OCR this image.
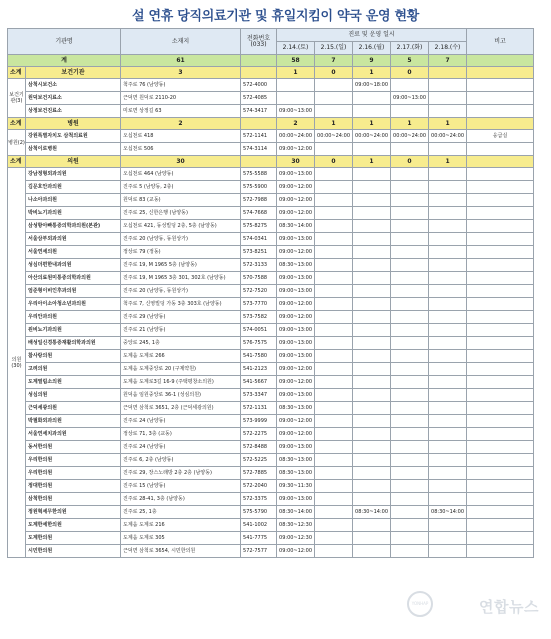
설 연휴 당직의료기관 및 휴일지킴이 약국 운영 현황
기관명		소재지	전화번호
(033)	진료 및 운영 일시					비고
				2.14.(토)	2.15.(일)	2.16.(월)	2.17.(화)	2.18.(수)	
계		61		58	7	9	5	7	
소계	보건기관	3		1	0	1	0		
보건기관(3)	삼척시보건소	척주로 76 (남양동)	572-4000			09:00~18:00			
	원덕보건지료소	근덕면 원덕로 2110-20	572-4085				09:00~13:00		
	상정보건진료소	미로면 상정길 63	574-3417	09:00~13:00					
소계	병원	2		2	1	1	1	1	
병원(2)	강원특별자치도 삼척의료원	오십천로 418	572-1141	00:00~24:00	00:00~24:00	00:00~24:00	00:00~24:00	00:00~24:00	응급실
	삼척이로병원	오십천로 506	574-3114	09:00~12:00					
소계	의원	30		30	0	1	0	1	
의원(30)	강남정형외과의원	오십천로 464 (남양동)	575-5588	09:00~13:00					
	김문호안과의원	진주로 5 (남양동, 2층)	575-5900	09:00~12:00					
	나소아과의원	원덕로 83 (교동)	572-7988	09:00~12:00					
	박비뇨기과의원	진주로 25, 신한은행 (남양동)	574-7668	09:00~12:00					
	삼성항아빠통증의학과의원(본관)	오십천로 421, 동성빌딩 2층, 5층 (남양동)	575-8275	08:30~14:00					
	서울삼부외과의원	진주로 20 (남양동, 동원상가)	574-0341	09:00~13:00					
	서울연세의원	정상로 79 (정동)	573-8251	09:00~12:00					
	성심더편한내과의원	진주로 19, M 1965 5층 (남양동)	572-3133	08:30~13:00					
	아산의료원미통증의학과의원	진주로 19, M 1965 3층 301, 302호 (남양동)	570-7588	09:00~13:00					
	엄준형이비인후과의원	진주로 20 (남양동, 동원상가)	572-7520	09:00~13:00					
	우리아이소아청소년과의원	척주로 7, 신영빌딩 가동 3층 303호 (남양동)	573-7770	09:00~12:00					
	우리안과의원	진주로 29 (남양동)	573-7582	09:00~12:00					
	윈비뇨기과의원	진주로 21 (남양동)	574-0051	09:00~13:00					
	배성일신경통증재활의학과의원	중앙로 245, 1층	576-7575	09:00~13:00					
	참사랑의원	도계읍 도계로 266	541-7580	09:00~13:00					
	고려의원	도계읍 도계중앙로 20 (구제약원)	541-2123	09:00~12:00					
	도계열림소의원	도계읍 도계로3길 16-9 (주택평창소의원)	541-5667	09:00~12:00					
	성심의원	원덕읍 임원중앙로 36-1 (성심의원)	573-3347	09:00~13:00					
	근덕세광의원	근덕면 삼척로 3651, 2층 (근덕세광의원)	572-1131	08:30~13:00					
	박필화외과의원	진주로 24 (남양동)	573-9999	09:00~12:00					
	서울연세치과의원	정상로 71, 3층 (교동)	572-2275	09:00~12:00					
	동서한의원	진주로 24 (남양동)	572-8488	09:00~13:00					
	우리한의원	진주로 6, 2층 (남양동)	572-5225	08:30~13:00					
	우리한의원	진주로 29, 장스노래방 2층 2층 (남양동)	572-7885	08:30~13:00					
	정대한의원	진주로 15 (남양동)	572-2040	09:30~11:30					
	삼척한의원	진주로 28-41, 3층 (남양동)	572-3375	09:00~13:00					
	정원혁세무한의원	진주로 25, 1층	575-5790	08:30~14:00		08:30~14:00		08:30~14:00	
	도계한세한의원	도계읍 도계로 216	541-1002	08:30~12:30					
	도계한의원	도계읍 도계로 305	541-7775	09:00~12:30					
	시민한의원	근덕면 삼척로 3654, 시민한의원	572-7577	09:00~12:00					
YONHAP	연합뉴스
